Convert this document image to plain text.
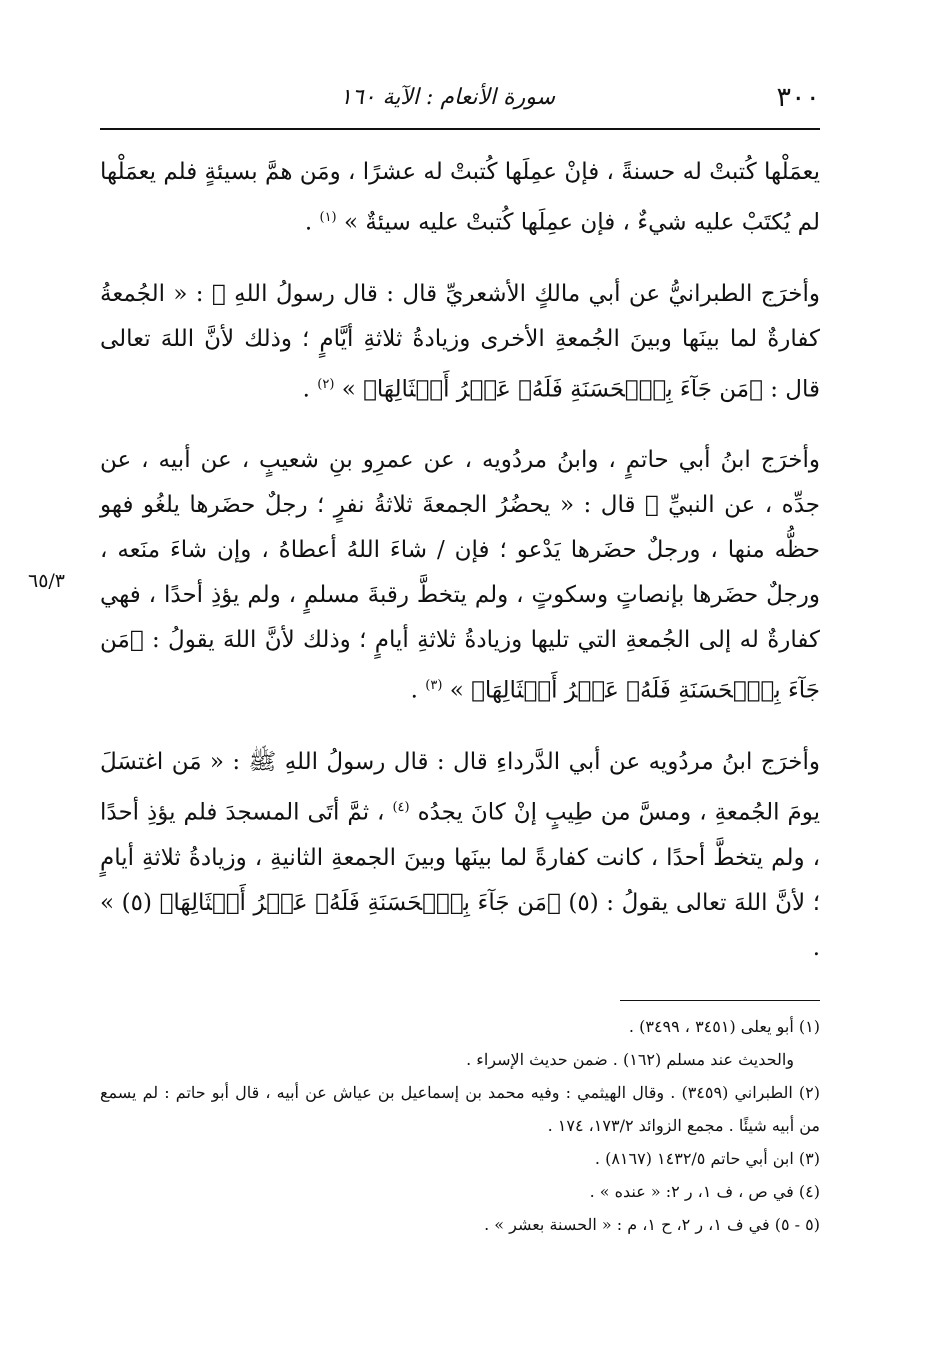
٣٠٠
سورة الأنعام : الآية ١٦٠
٦٥/٣

يعمَلْها كُتبتْ له حسنةً ، فإنْ عمِلَها كُتبتْ له عشرًا ، ومَن همَّ بسيئةٍ فلم يعمَلْها لم يُكتَبْ عليه شيءٌ ، فإن عمِلَها كُتبتْ عليه سيئةٌ » $^{(١)}$ .

وأخرَج الطبرانيُّ عن أبي مالكٍ الأشعريِّ قال : قال رسولُ اللهِ ﷺ : « الجُمعةُ كفارةٌ لما بينَها وبينَ الجُمعةِ الأخرى وزيادةُ ثلاثةِ أيَّامٍ ؛ وذلك لأنَّ اللهَ تعالى قال : ﴿مَن جَآءَ بِٱلۡحَسَنَةِ فَلَهُۥ عَشۡرُ أَمۡثَالِهَا﴾ » $^{(٢)}$ .

وأخرَج ابنُ أبي حاتمٍ ، وابنُ مردُويه ، عن عمرِو بنِ شعيبٍ ، عن أبيه ، عن جدِّه ، عن النبيِّ ﷺ قال : « يحضُرُ الجمعةَ ثلاثةُ نفرٍ ؛ رجلٌ حضَرها يلغُو فهو حظُّه منها ، ورجلٌ حضَرها يَدْعو ؛ فإن / شاءَ اللهُ أعطاهُ ، وإن شاءَ منَعه ، ورجلٌ حضَرها بإنصاتٍ وسكوتٍ ، ولم يتخطَّ رقبةَ مسلمٍ ، ولم يؤذِ أحدًا ، فهي كفارةٌ له إلى الجُمعةِ التي تليها وزيادةُ ثلاثةِ أيامٍ ؛ وذلك لأنَّ اللهَ يقولُ : ﴿مَن جَآءَ بِٱلۡحَسَنَةِ فَلَهُۥ عَشۡرُ أَمۡثَالِهَا﴾ » $^{(٣)}$ .

وأخرَج ابنُ مردُويه عن أبي الدَّرداءِ قال : قال رسولُ اللهِ ﷺ : « مَن اغتسَلَ يومَ الجُمعةِ ، ومسَّ من طِيبٍ إنْ كانَ يجدُه $^{(٤)}$ ، ثمَّ أتَى المسجدَ فلم يؤذِ أحدًا ، ولم يتخطَّ أحدًا ، كانت كفارةً لما بينَها وبينَ الجمعةِ الثانيةِ ، وزيادةُ ثلاثةِ أيامٍ ؛ لأنَّ اللهَ تعالى يقولُ : (٥) ﴿مَن جَآءَ بِٱلۡحَسَنَةِ فَلَهُۥ عَشۡرُ أَمۡثَالِهَا﴾ (٥) » .

(١) أبو يعلى (٣٤٥١ ، ٣٤٩٩) .

والحديث عند مسلم (١٦٢) . ضمن حديث الإسراء .

(٢) الطبراني (٣٤٥٩) . وقال الهيثمي : وفيه محمد بن إسماعيل بن عياش عن أبيه ، قال أبو حاتم : لم يسمع من أبيه شيئًا . مجمع الزوائد ١٧٣/٢، ١٧٤ .

(٣) ابن أبي حاتم ١٤٣٢/٥ (٨١٦٧) .

(٤) في ص ، ف ١، ر ٢: « عنده » .

(٥ - ٥) في ف ١، ر ٢، ح ١، م : « الحسنة بعشر » .
